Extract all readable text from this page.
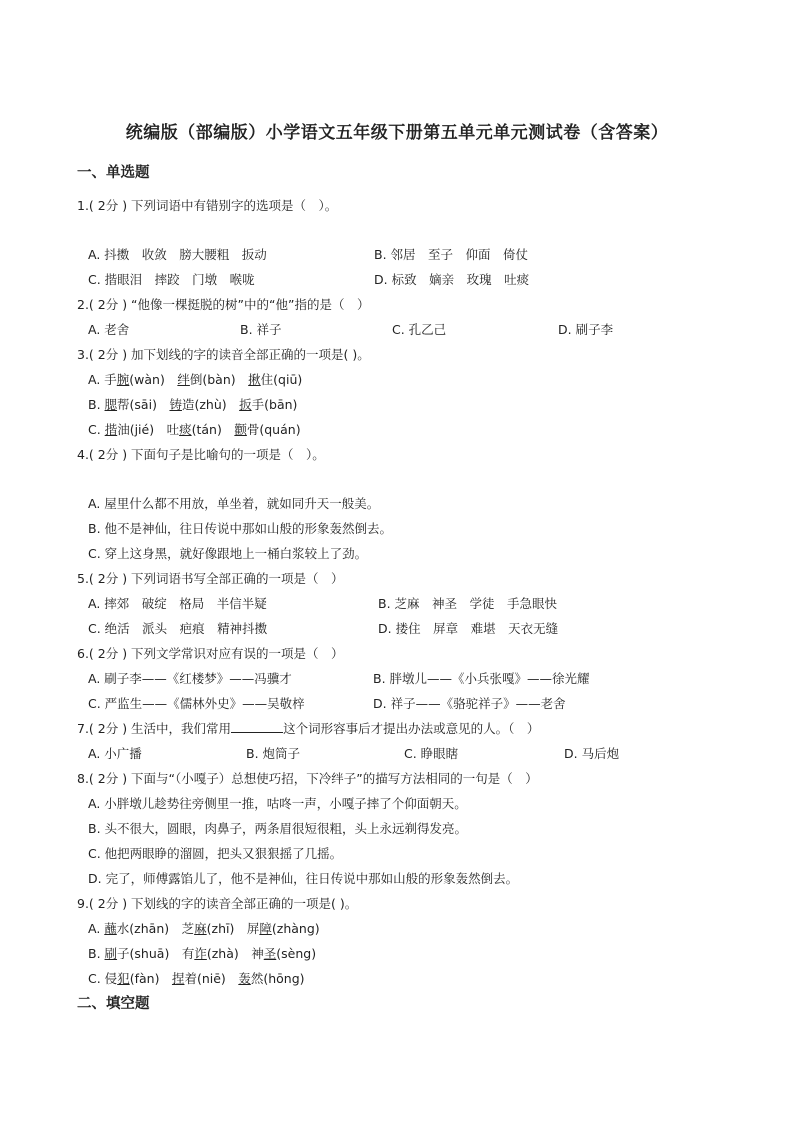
统编版（部编版）小学语文五年级下册第五单元单元测试卷（含答案）
一、单选题
1.( 2分 ) 下列词语中有错别字的选项是（　）。
A. 抖擞　收敛　膀大腰粗　扳动	B. 邻居　至子　仰面　倚仗
C. 揩眼泪　摔跤　门墩　喉咙	D. 标致　嫡亲　玫瑰　吐痰
2.( 2分 ) “他像一棵挺脱的树”中的“他”指的是（　）
A. 老舍	B. 祥子	C. 孔乙己	D. 刷子李
3.( 2分 ) 加下划线的字的读音全部正确的一项是( )。
A. 手腕(wàn)　绊倒(bàn)　揪住(qiū)
B. 腮帮(sāi)　铸造(zhù)　扳手(bān)
C. 揩油(jié)　吐痰(tán)　颧骨(quán)
4.( 2分 ) 下面句子是比喻句的一项是（　）。
A. 屋里什么都不用放，单坐着，就如同升天一般美。
B. 他不是神仙，往日传说中那如山般的形象轰然倒去。
C. 穿上这身黑，就好像跟地上一桶白浆较上了劲。
5.( 2分 ) 下列词语书写全部正确的一项是（　）
A. 摔郊　破绽　格局　半信半疑	B. 芝麻　神圣　学徒　手急眼快
C. 绝活　派头　疤痕　精神抖擞	D. 搂住　屏章　难堪　天衣无缝
6.( 2分 ) 下列文学常识对应有误的一项是（　）
A. 刷子李——《红楼梦》——冯骥才	B. 胖墩儿——《小兵张嘎》——徐光耀
C. 严监生——《儒林外史》——吴敬梓	D. 祥子——《骆驼祥子》——老舍
7.( 2分 ) 生活中，我们常用	这个词形容事后才提出办法或意见的人。（　）
A. 小广播	B. 炮筒子	C. 睁眼瞎	D. 马后炮
8.( 2分 ) 下面与“（小嘎子）总想使巧招，下冷绊子”的描写方法相同的一句是（　）
A. 小胖墩儿趁势往旁侧里一推，咕咚一声，小嘎子摔了个仰面朝天。
B. 头不很大，圆眼，肉鼻子，两条眉很短很粗，头上永远剃得发亮。
C. 他把两眼睁的溜圆，把头又狠狠摇了几摇。
D. 完了，师傅露馅儿了，他不是神仙，往日传说中那如山般的形象轰然倒去。
9.( 2分 ) 下划线的字的读音全部正确的一项是( )。
A. 蘸水(zhān)　芝麻(zhī)　屏障(zhàng)
B. 刷子(shuā)　有诈(zhà)　神圣(sèng)
C. 侵犯(fàn)　捏着(niē)　轰然(hōng)
二、填空题
